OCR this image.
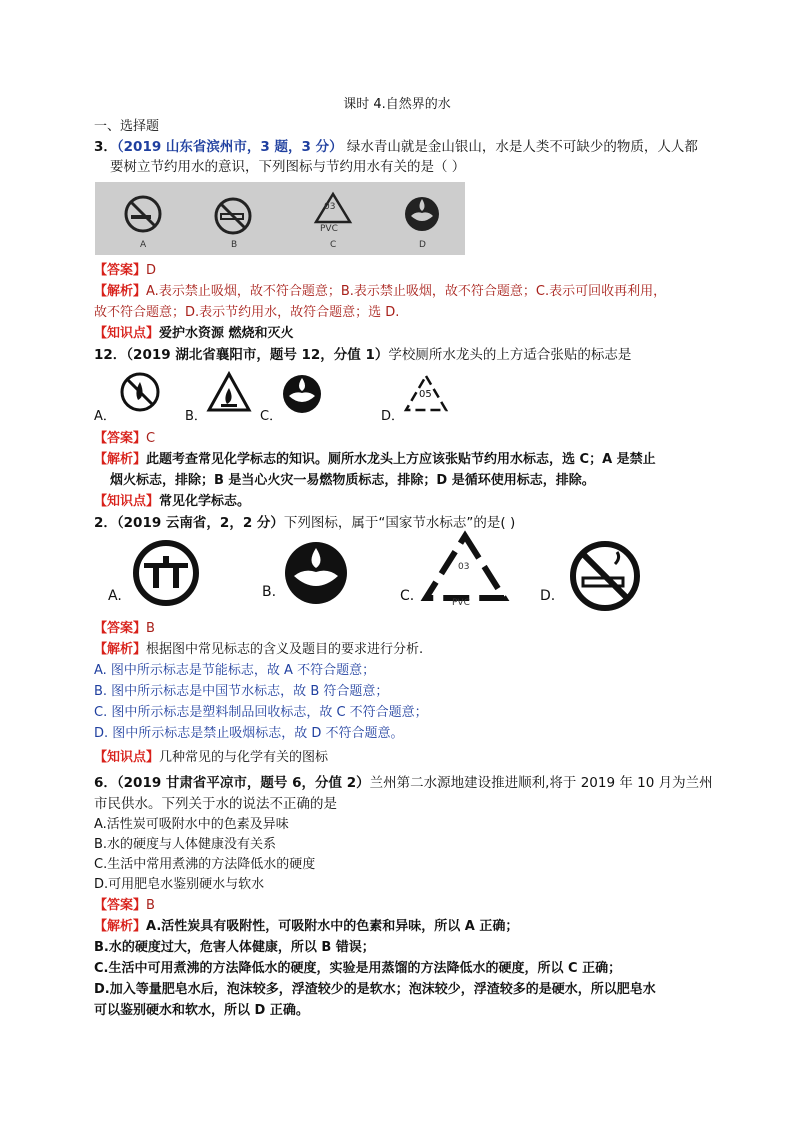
课时 4.自然界的水
一、选择题
3．（2019 山东省滨州市，3 题，3 分） 绿水青山就是金山银山，水是人类不可缺少的物质，人人都
要树立节约用水的意识，下列图标与节约用水有关的是（ ）
03
PVC
A	B	C	D
【答案】D
【解析】A.表示禁止吸烟，故不符合题意；B.表示禁止吸烟，故不符合题意；C.表示可回收再利用，
故不符合题意；D.表示节约用水，故符合题意；选 D.
【知识点】爱护水资源 燃烧和灭火
12．（2019 湖北省襄阳市，题号 12，分值 1）学校厕所水龙头的上方适合张贴的标志是
05
A．	B．	C．	D．
【答案】C
【解析】此题考查常见化学标志的知识。厕所水龙头上方应该张贴节约用水标志，选 C；A 是禁止
烟火标志，排除；B 是当心火灾一易燃物质标志，排除；D 是循环使用标志，排除。
【知识点】常见化学标志。
2．（2019 云南省，2，2 分）下列图标，属于“国家节水标志”的是( )
03
PVC
A.	B.	C.	D.
【答案】B
【解析】根据图中常见标志的含义及题目的要求进行分析.
A. 图中所示标志是节能标志，故 A 不符合题意；
B. 图中所示标志是中国节水标志，故 B 符合题意；
C. 图中所示标志是塑料制品回收标志，故 C 不符合题意；
D. 图中所示标志是禁止吸烟标志，故 D 不符合题意。
【知识点】几种常见的与化学有关的图标
6．（2019 甘肃省平凉市，题号 6，分值 2）兰州第二水源地建设推进顺利,将于 2019 年 10 月为兰州
市民供水。下列关于水的说法不正确的是
A.活性炭可吸附水中的色素及异味
B.水的硬度与人体健康没有关系
C.生活中常用煮沸的方法降低水的硬度
D.可用肥皂水鉴别硬水与软水
【答案】B
【解析】A.活性炭具有吸附性，可吸附水中的色素和异味，所以 A 正确；
B.水的硬度过大，危害人体健康，所以 B 错误；
C.生活中可用煮沸的方法降低水的硬度，实验是用蒸馏的方法降低水的硬度，所以 C 正确；
D.加入等量肥皂水后，泡沫较多，浮渣较少的是软水；泡沫较少，浮渣较多的是硬水，所以肥皂水
可以鉴别硬水和软水，所以 D 正确。
